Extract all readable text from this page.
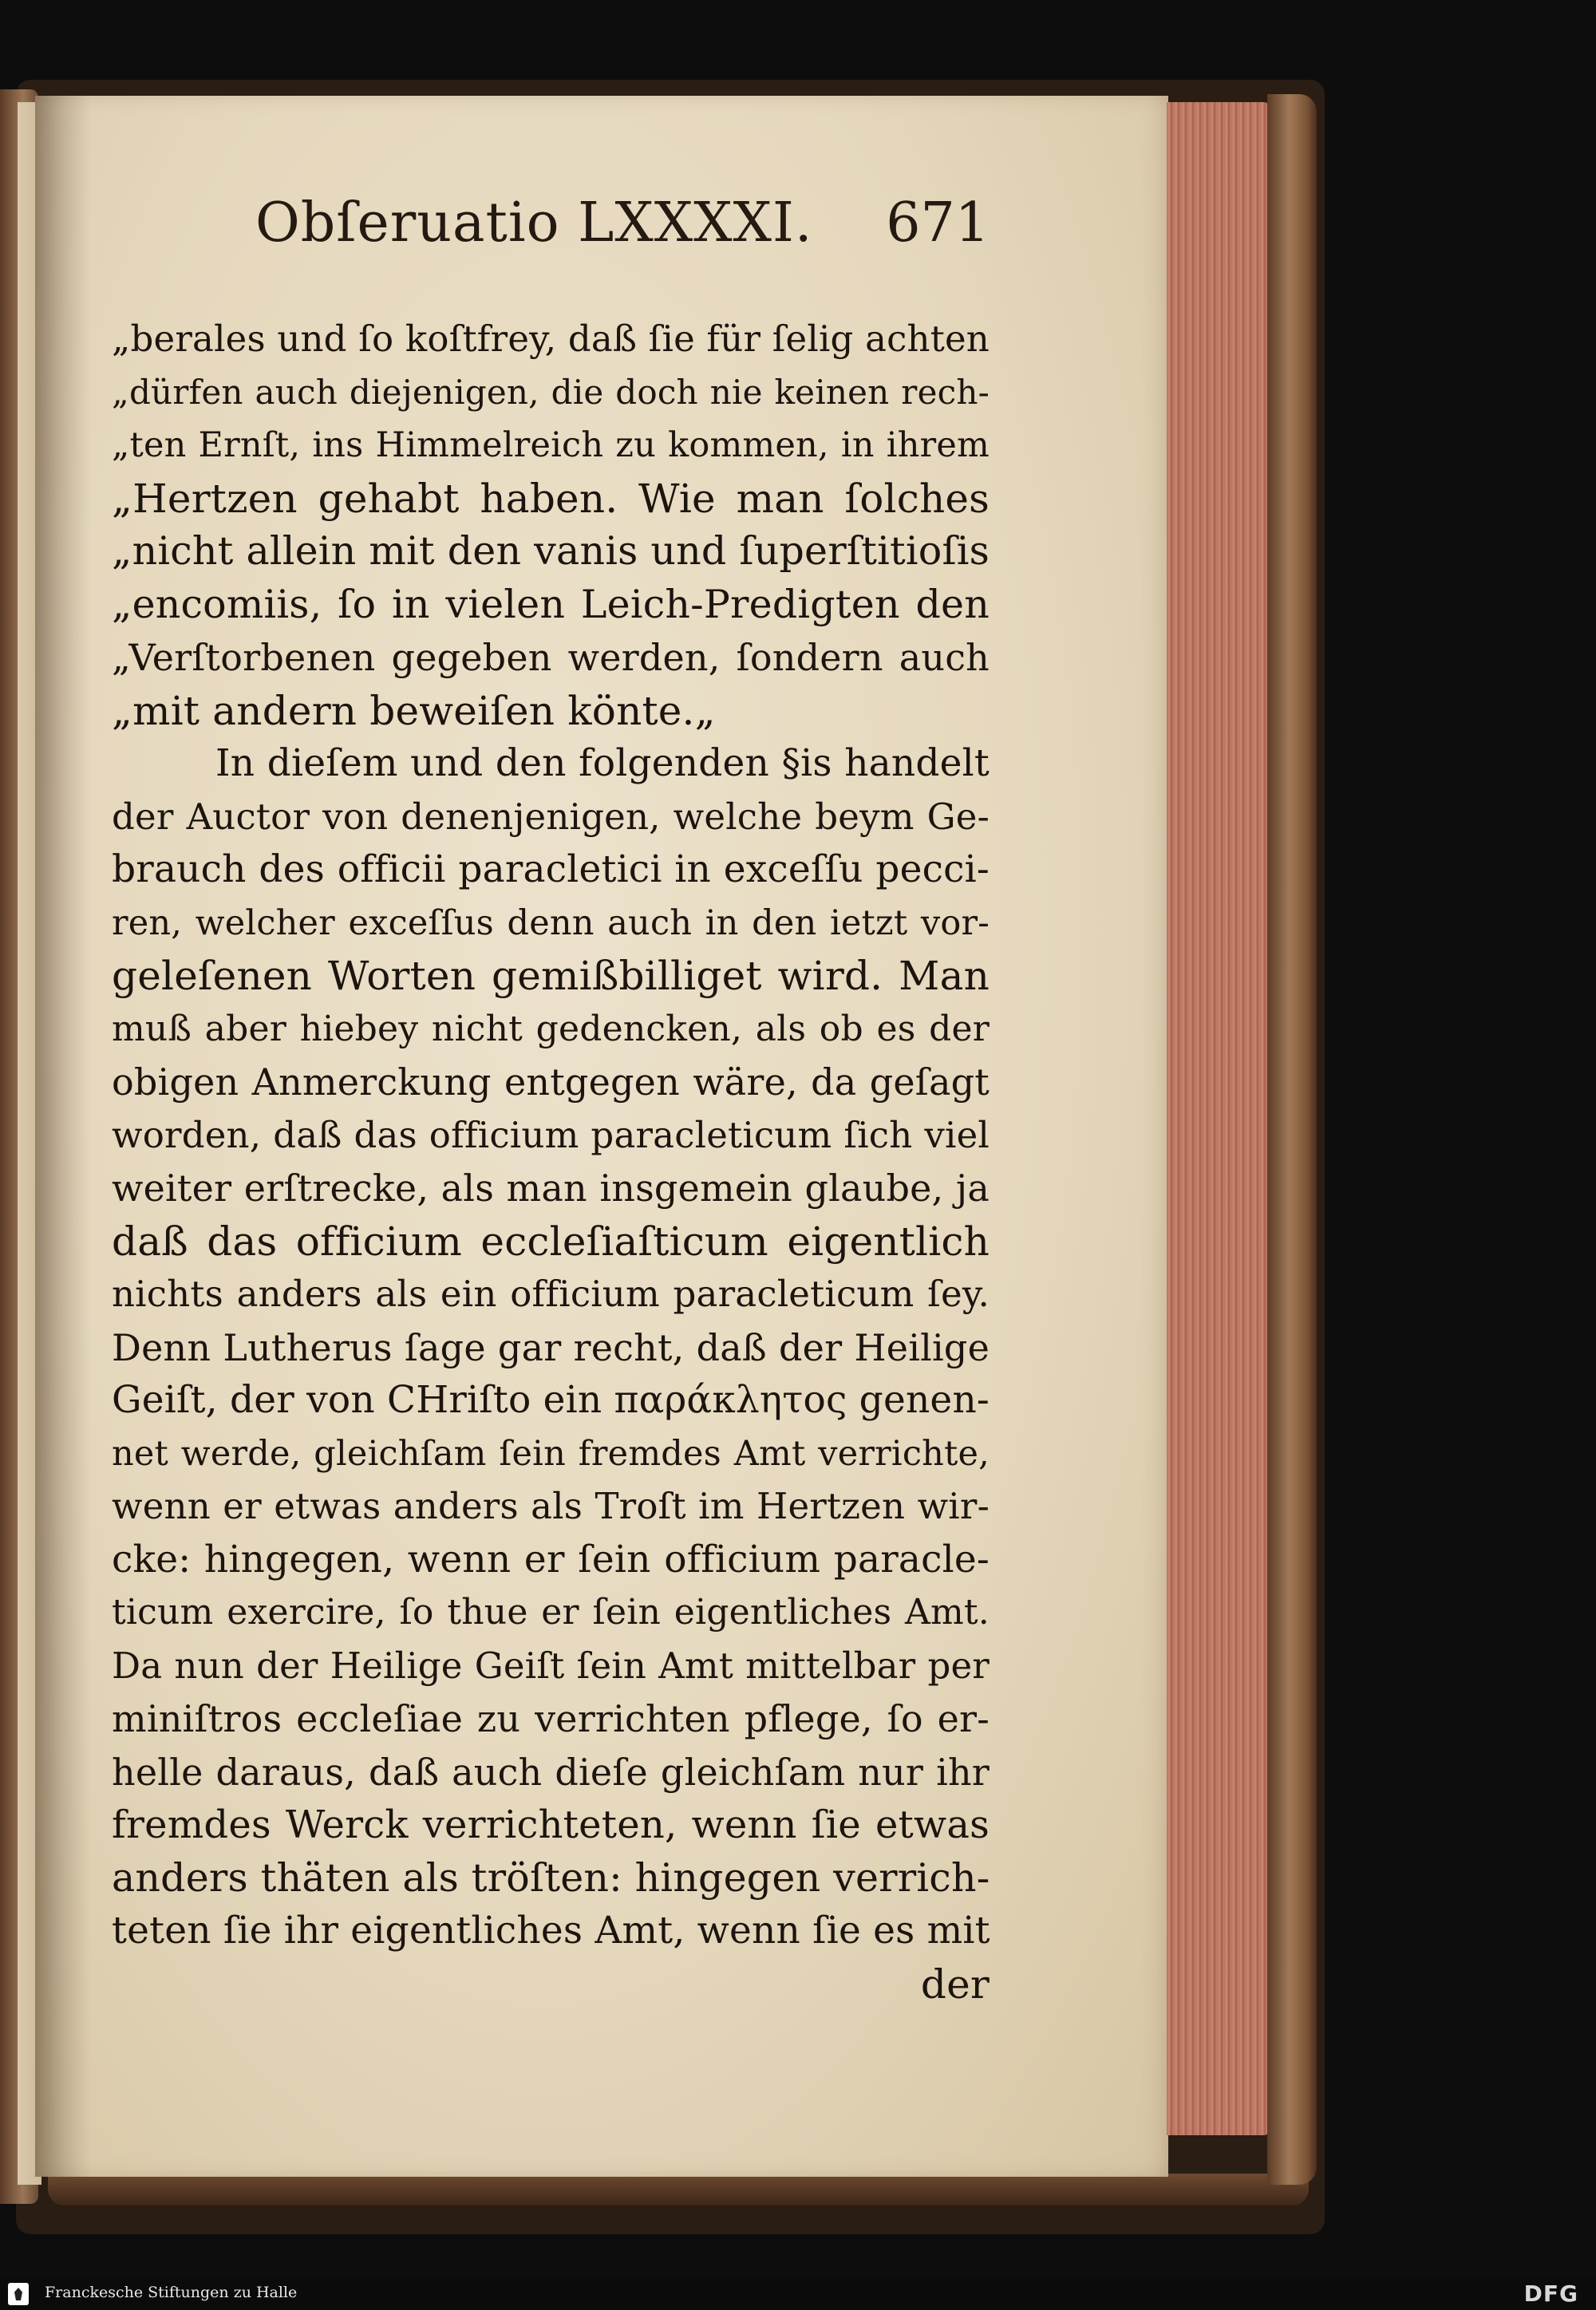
Obſeruatio LXXXXI. 671
„berales und ſo koſtfrey, daß ſie für ſelig achten
„dürfen auch diejenigen, die doch nie keinen rech-
„ten Ernſt, ins Himmelreich zu kommen, in ihrem
„Hertzen gehabt haben. Wie man ſolches
„nicht allein mit den vanis und ſuperſtitioſis
„encomiis, ſo in vielen Leich-Predigten den
„Verſtorbenen gegeben werden, ſondern auch
„mit andern beweiſen könte.„
In dieſem und den folgenden §is handelt
der Auctor von denenjenigen, welche beym Ge-
brauch des officii paracletici in exceſſu pecci-
ren, welcher exceſſus denn auch in den ietzt vor-
geleſenen Worten gemißbilliget wird. Man
muß aber hiebey nicht gedencken, als ob es der
obigen Anmerckung entgegen wäre, da geſagt
worden, daß das officium paracleticum ſich viel
weiter erſtrecke, als man insgemein glaube, ja
daß das officium eccleſiaſticum eigentlich
nichts anders als ein officium paracleticum ſey.
Denn Lutherus ſage gar recht, daß der Heilige
Geiſt, der von CHriſto ein παράκλητος genen-
net werde, gleichſam ſein fremdes Amt verrichte,
wenn er etwas anders als Troſt im Hertzen wir-
cke: hingegen, wenn er ſein officium paracle-
ticum exercire, ſo thue er ſein eigentliches Amt.
Da nun der Heilige Geiſt ſein Amt mittelbar per
miniſtros eccleſiae zu verrichten pflege, ſo er-
helle daraus, daß auch dieſe gleichſam nur ihr
fremdes Werck verrichteten, wenn ſie etwas
anders thäten als tröſten: hingegen verrich-
teten ſie ihr eigentliches Amt, wenn ſie es mit
der
Franckesche Stiftungen zu Halle	DFG
